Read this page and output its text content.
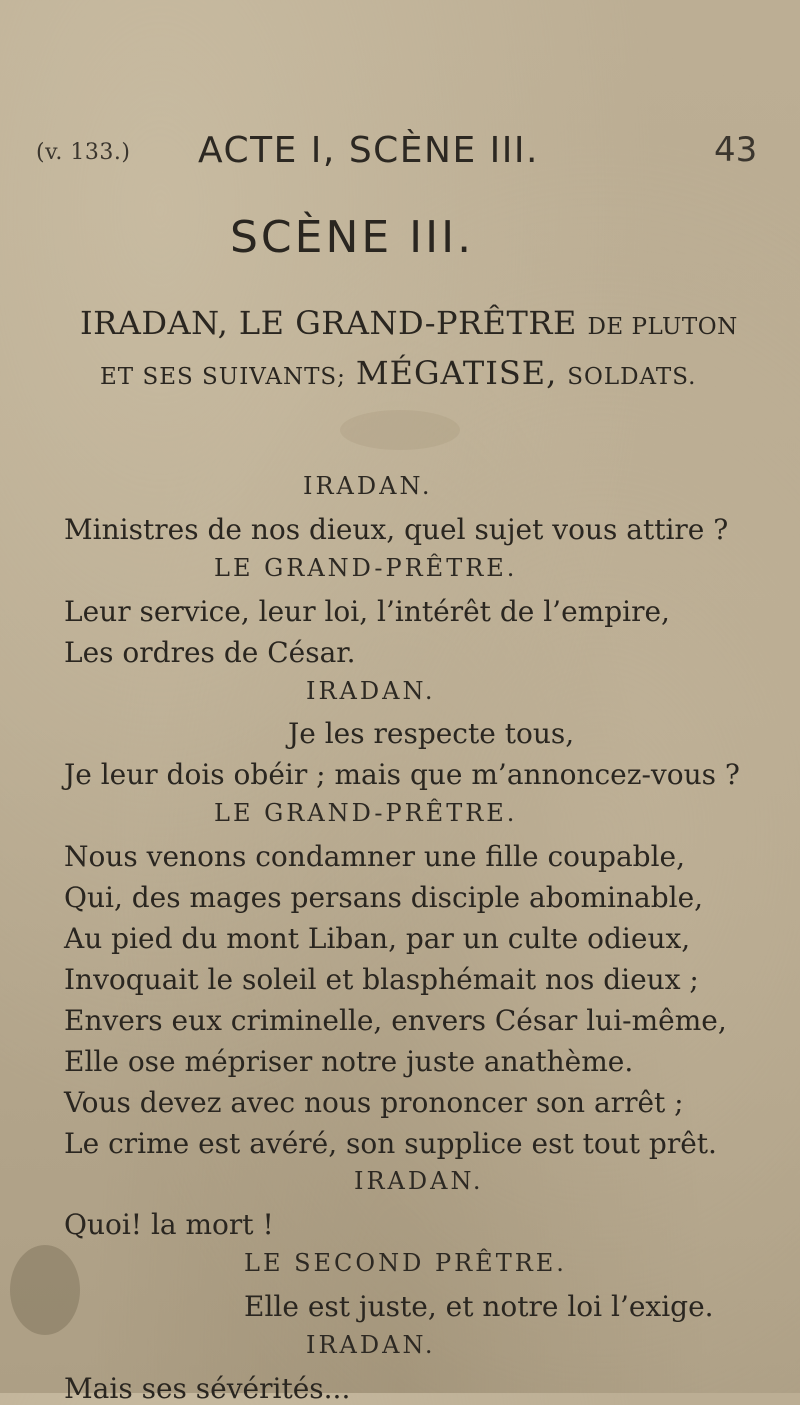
(v. 133.) ACTE I, SCÈNE III.	43
SCÈNE III.
IRADAN, LE GRAND-PRÊTRE DE PLUTON
ET SES SUIVANTS; MÉGATISE, SOLDATS.
IRADAN.
Ministres de nos dieux, quel sujet vous attire ?
LE GRAND-PRÊTRE.
Leur service, leur loi, l’intérêt de l’empire,
Les ordres de César.
IRADAN.
Je les respecte tous,
Je leur dois obéir ; mais que m’annoncez-vous ?
LE GRAND-PRÊTRE.
Nous venons condamner une fille coupable,
Qui, des mages persans disciple abominable,
Au pied du mont Liban, par un culte odieux,
Invoquait le soleil et blasphémait nos dieux ;
Envers eux criminelle, envers César lui-même,
Elle ose mépriser notre juste anathème.
Vous devez avec nous prononcer son arrêt ;
Le crime est avéré, son supplice est tout prêt.
IRADAN.
Quoi! la mort !
LE SECOND PRÊTRE.
Elle est juste, et notre loi l’exige.
IRADAN.
Mais ses sévérités...
